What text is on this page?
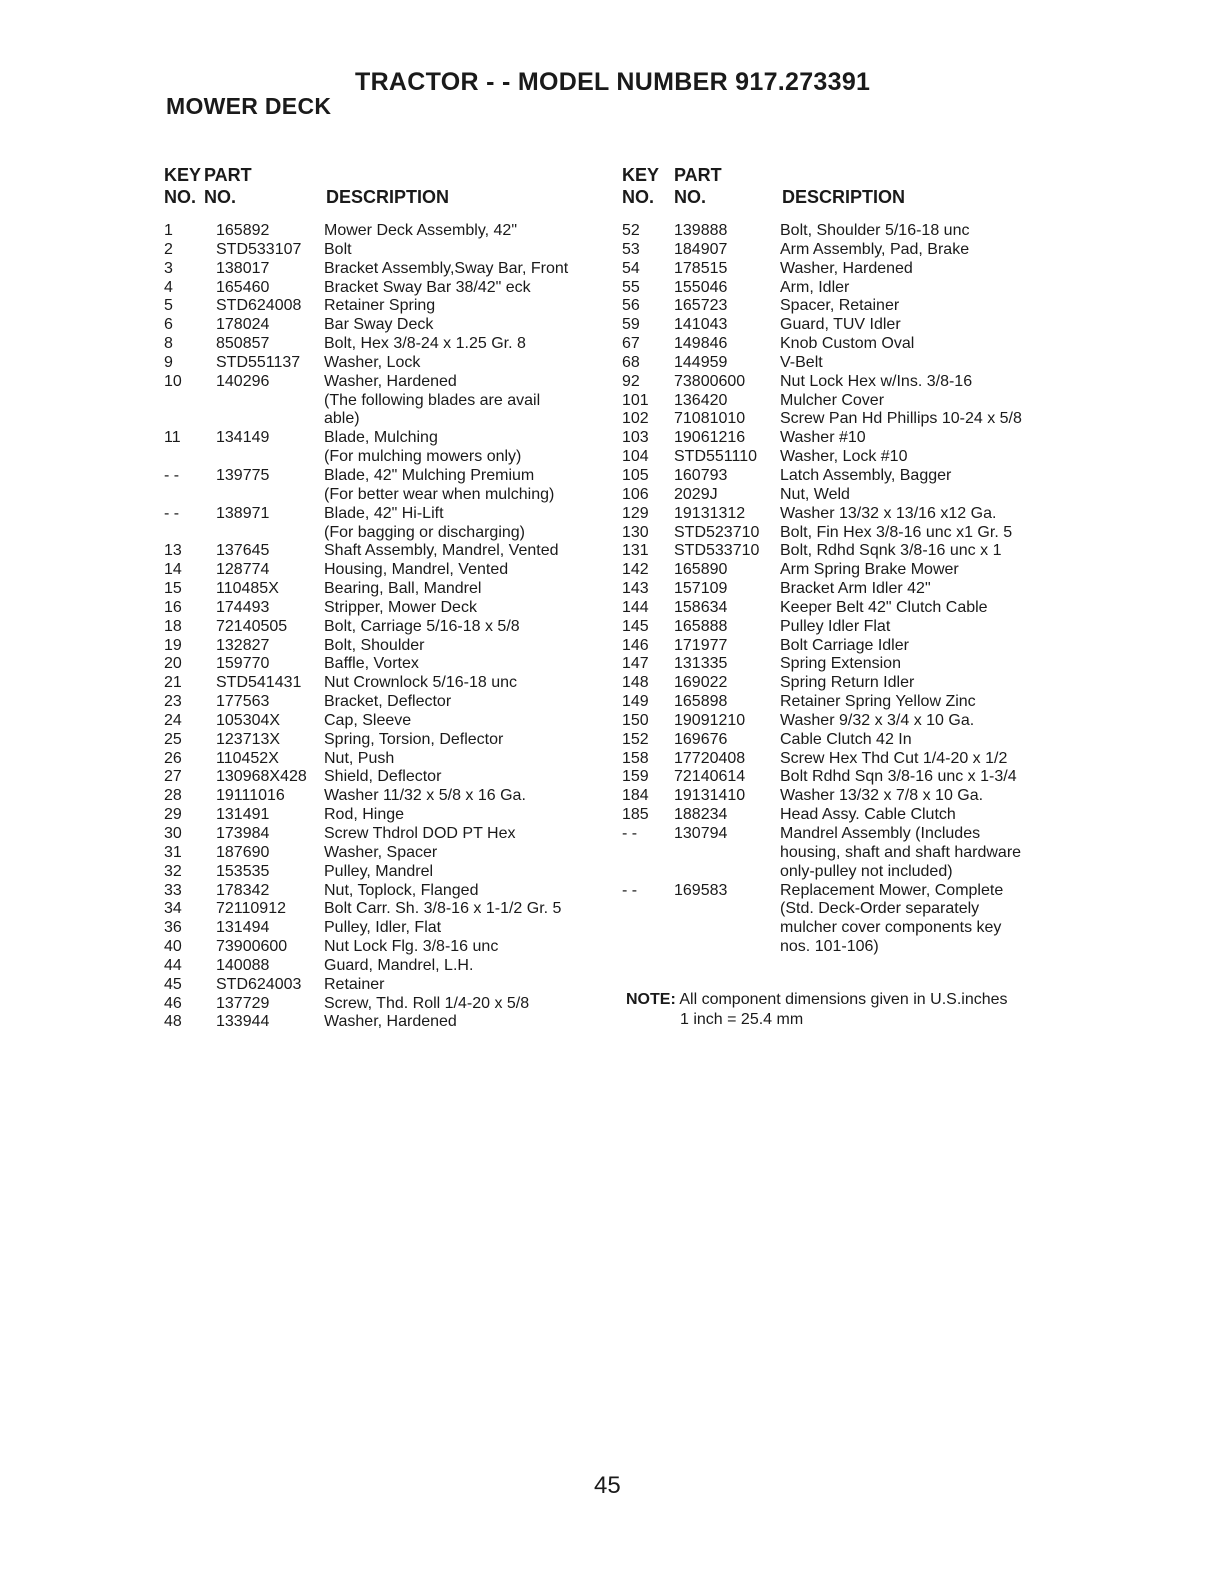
TRACTOR - - MODEL NUMBER 917.273391
MOWER DECK
KEY
NO.
PART
NO.	DESCRIPTION
1	165892	Mower Deck Assembly, 42"
2	STD533107 Bolt
3	138017	Bracket Assembly,Sway Bar, Front
4	165460	Bracket Sway Bar 38/42" eck
5	STD624008 Retainer Spring
6	178024	Bar Sway Deck
8	850857	Bolt, Hex 3/8-24 x 1.25 Gr. 8
9	STD551137 Washer, Lock
10 140296	Washer, Hardened
(The following blades are avail
able)
11 134149	Blade, Mulching
(For mulching mowers only)
- - 139775	Blade, 42" Mulching Premium
(For better wear when mulching)
- - 138971	Blade, 42" Hi-Lift
(For bagging or discharging)
13 137645	Shaft Assembly, Mandrel, Vented
14 128774	Housing, Mandrel, Vented
15 110485X	Bearing, Ball, Mandrel
16 174493	Stripper, Mower Deck
18 72140505 Bolt, Carriage 5/16-18 x 5/8
19 132827	Bolt, Shoulder
20 159770	Baffle, Vortex
21 STD541431 Nut Crownlock 5/16-18 unc
23 177563	Bracket, Deflector
24 105304X	Cap, Sleeve
25 123713X	Spring, Torsion, Deflector
26 110452X	Nut, Push
27 130968X428 Shield, Deflector
28 19111016 Washer 11/32 x 5/8 x 16 Ga.
29 131491	Rod, Hinge
30 173984	Screw Thdrol DOD PT Hex
31 187690	Washer, Spacer
32 153535	Pulley, Mandrel
33 178342	Nut, Toplock, Flanged
34 72110912 Bolt Carr. Sh. 3/8-16 x 1-1/2 Gr. 5
36 131494	Pulley, Idler, Flat
40 73900600 Nut Lock Flg. 3/8-16 unc
44 140088	Guard, Mandrel, L.H.
45 STD624003 Retainer
46 137729	Screw, Thd. Roll 1/4-20 x 5/8
48 133944	Washer, Hardened
KEY
NO.
PART
NO.	DESCRIPTION
52 139888	Bolt, Shoulder 5/16-18 unc
53 184907	Arm Assembly, Pad, Brake
54 178515	Washer, Hardened
55 155046	Arm, Idler
56 165723	Spacer, Retainer
59 141043	Guard, TUV Idler
67 149846	Knob Custom Oval
68 144959	V-Belt
92 73800600 Nut Lock Hex w/Ins. 3/8-16
101 136420	Mulcher Cover
102 71081010 Screw Pan Hd Phillips 10-24 x 5/8
103 19061216 Washer #10
104 STD551110 Washer, Lock #10
105 160793	Latch Assembly, Bagger
106 2029J	Nut, Weld
129 19131312 Washer 13/32 x 13/16 x12 Ga.
130 STD523710 Bolt, Fin Hex 3/8-16 unc x1 Gr. 5
131 STD533710 Bolt, Rdhd Sqnk 3/8-16 unc x 1
142 165890	Arm Spring Brake Mower
143 157109	Bracket Arm Idler 42"
144 158634	Keeper Belt 42" Clutch Cable
145 165888	Pulley Idler Flat
146 171977	Bolt Carriage Idler
147 131335	Spring Extension
148 169022	Spring Return Idler
149 165898	Retainer Spring Yellow Zinc
150 19091210 Washer 9/32 x 3/4 x 10 Ga.
152 169676	Cable Clutch 42 In
158 17720408 Screw Hex Thd Cut 1/4-20 x 1/2
159 72140614 Bolt Rdhd Sqn 3/8-16 unc x 1-3/4
184 19131410 Washer 13/32 x 7/8 x 10 Ga.
185 188234	Head Assy. Cable Clutch
- - 130794	Mandrel Assembly (Includes
housing, shaft and shaft hardware
only-pulley not included)
- - 169583	Replacement Mower, Complete
(Std. Deck-Order separately
mulcher cover components key
nos. 101-106)
NOTE: All component dimensions given in U.S.inches
1 inch = 25.4 mm
45
